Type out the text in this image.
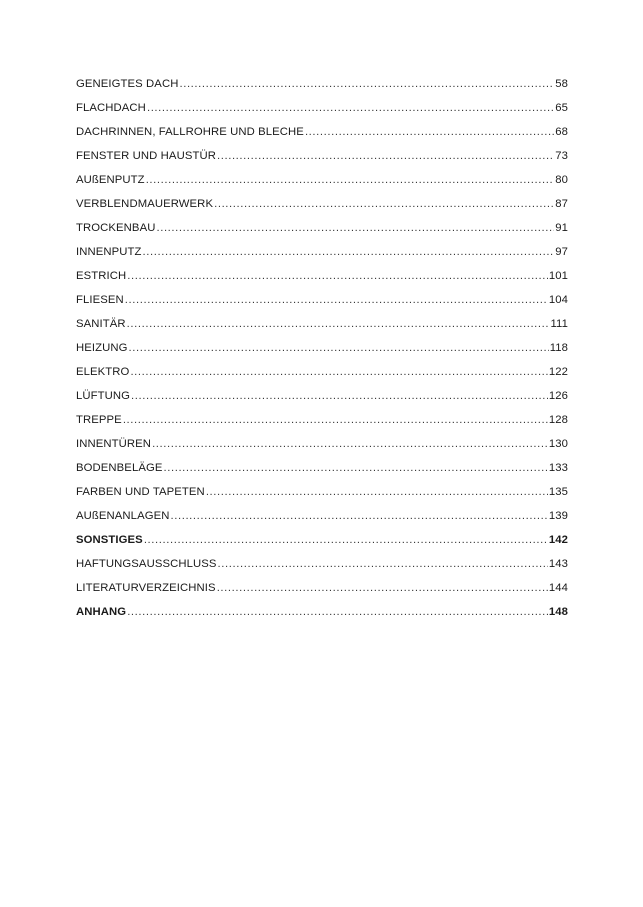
GENEIGTES DACH .....	58
FLACHDACH .....	65
DACHRINNEN, FALLROHRE UND BLECHE .....	68
FENSTER UND HAUSTÜR .....	73
AUßENPUTZ .....	80
VERBLENDMAUERWERK .....	87
TROCKENBAU .....	91
INNENPUTZ .....	97
ESTRICH .....	101
FLIESEN .....	104
SANITÄR .....	111
HEIZUNG .....	118
ELEKTRO .....	122
LÜFTUNG .....	126
TREPPE .....	128
INNENTÜREN .....	130
BODENBELÄGE .....	133
FARBEN UND TAPETEN .....	135
AUßENANLAGEN .....	139
SONSTIGES .....	142
HAFTUNGSAUSSCHLUSS .....	143
LITERATURVERZEICHNIS .....	144
ANHANG .....	148
